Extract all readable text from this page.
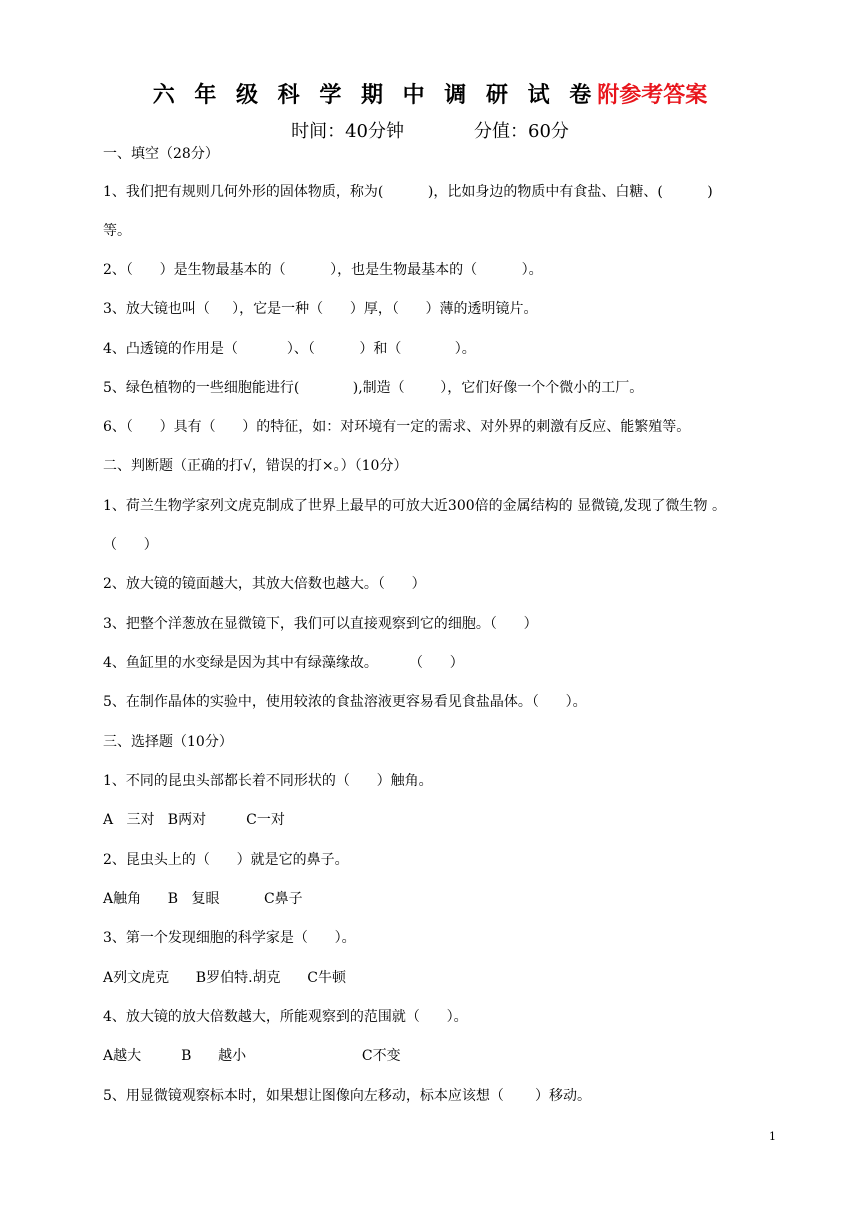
六 年 级 科 学 期 中 调 研 试 卷附参考答案
时间：40分钟	分值：60分
一、填空（28分）
1、我们把有规则几何外形的固体物质，称为(          )，比如身边的物质中有食盐、白糖、(          )
等。
2、（      ）是生物最基本的（          ），也是生物最基本的（          ）。
3、放大镜也叫（     ），它是一种（      ）厚，（      ）薄的透明镜片。
4、凸透镜的作用是（           ）、（          ）和（            ）。
5、绿色植物的一些细胞能进行(            ),制造（        ），它们好像一个个微小的工厂。
6、（      ）具有（      ）的特征，如：对环境有一定的需求、对外界的刺激有反应、能繁殖等。
二、判断题（正确的打√，错误的打×。）（10分）
1、荷兰生物学家列文虎克制成了世界上最早的可放大近300倍的金属结构的 显微镜,发现了微生物 。
（      ）
2、放大镜的镜面越大，其放大倍数也越大。（      ）
3、把整个洋葱放在显微镜下，我们可以直接观察到它的细胞。（      ）
4、鱼缸里的水变绿是因为其中有绿藻缘故。       （      ）
5、在制作晶体的实验中，使用较浓的食盐溶液更容易看见食盐晶体。（      ）。
三、选择题（10分）
1、不同的昆虫头部都长着不同形状的（      ）触角。
A   三对   B两对         C一对
2、昆虫头上的（      ）就是它的鼻子。
A触角      B   复眼          C鼻子
3、第一个发现细胞的科学家是（      ）。
A列文虎克      B罗伯特.胡克      C牛顿
4、放大镜的放大倍数越大，所能观察到的范围就（      ）。
A越大         B      越小                          C不变
5、用显微镜观察标本时，如果想让图像向左移动，标本应该想（       ）移动。
1
